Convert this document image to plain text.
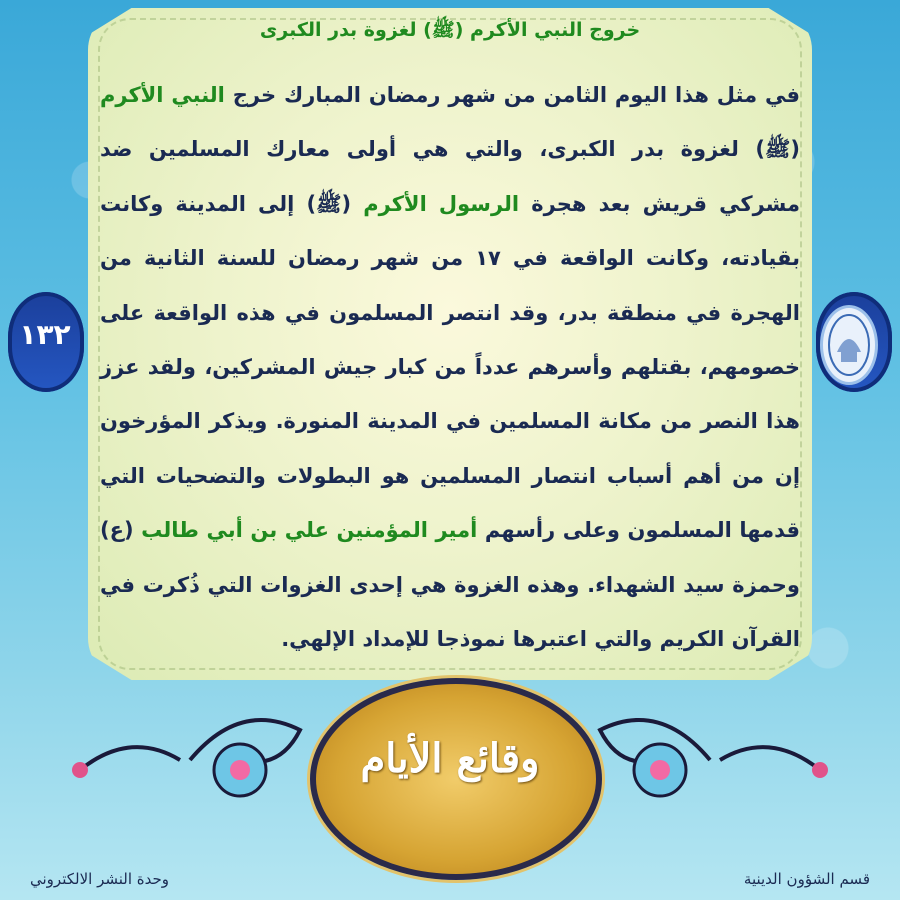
خروج النبي الأكرم (ﷺ) لغزوة بدر الكبرى
في مثل هذا اليوم الثامن من شهر رمضان المبارك خرج النبي الأكرم (ﷺ) لغزوة بدر الكبرى، والتي هي أولى معارك المسلمين ضد مشركي قريش بعد هجرة الرسول الأكرم (ﷺ) إلى المدينة وكانت بقيادته، وكانت الواقعة في ١٧ من شهر رمضان للسنة الثانية من الهجرة في منطقة بدر، وقد انتصر المسلمون في هذه الواقعة على خصومهم، بقتلهم وأسرهم عدداً من كبار جيش المشركين، ولقد عزز هذا النصر من مكانة المسلمين في المدينة المنورة. ويذكر المؤرخون إن من أهم أسباب انتصار المسلمين هو البطولات والتضحيات التي قدمها المسلمون وعلى رأسهم أمير المؤمنين علي بن أبي طالب (ع) وحمزة سيد الشهداء. وهذه الغزوة هي إحدى الغزوات التي ذُكرت في القرآن الكريم والتي اعتبرها نموذجا للإمداد الإلهي.
١٣٢
وقائع الأيام
وحدة النشر الالكتروني	قسم الشؤون الدينية
